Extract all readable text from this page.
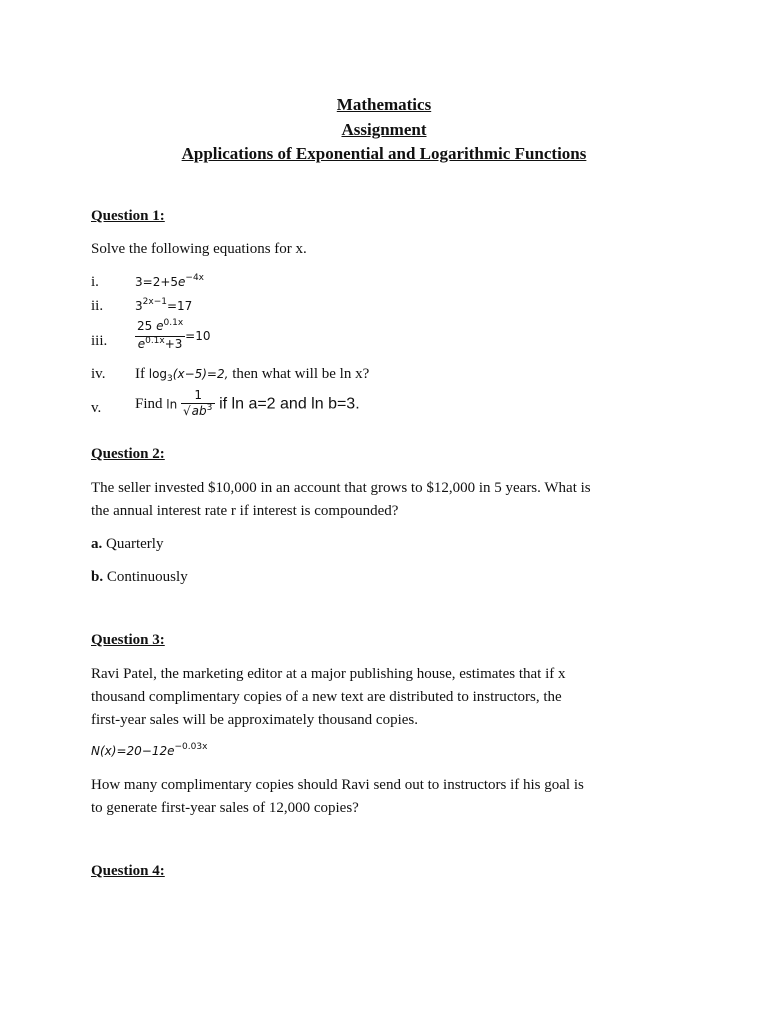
Mathematics
Assignment
Applications of Exponential and Logarithmic Functions
Question 1:
Solve the following equations for x.
i.	$3=2+5e^{-4x}$
ii.	$3^{2x-1}=17$
iii. $\frac{25 e^{0.1x}}{e^{0.1x}+3} =10$
iv. If $\log_3(x-5)=2$, then what will be ln x?
v. Find $\ln \frac{1}{√ab^3}$ if ln a=2 and ln b=3.
Question 2:
The seller invested $10,000 in an account that grows to $12,000 in 5 years. What is
the annual interest rate r if interest is compounded?
a. Quarterly
b. Continuously
Question 3:
Ravi Patel, the marketing editor at a major publishing house, estimates that if x
thousand complimentary copies of a new text are distributed to instructors, the
first-year sales will be approximately thousand copies.
$N(x)=20-12e^{-0.03x}$
How many complimentary copies should Ravi send out to instructors if his goal is
to generate first-year sales of 12,000 copies?
Question 4:
